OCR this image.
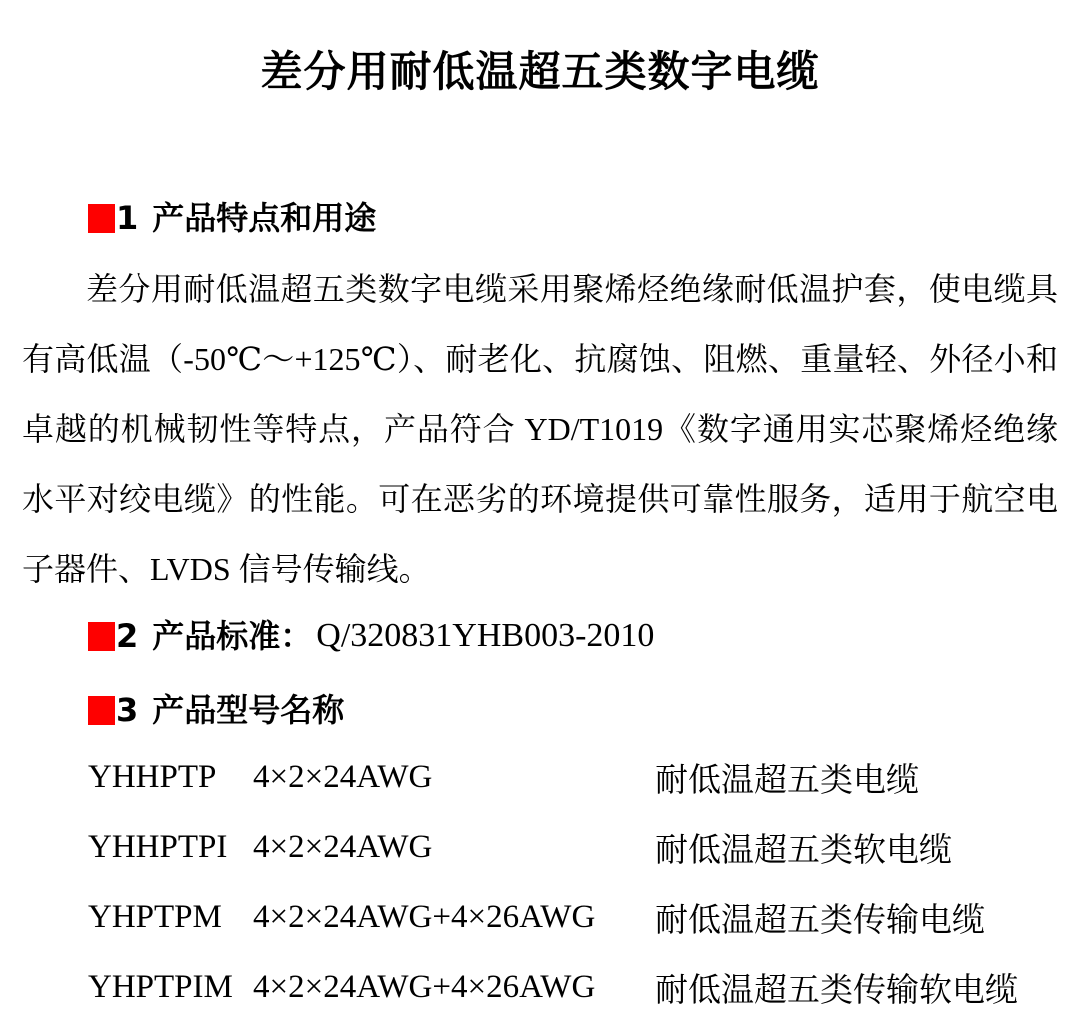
差分用耐低温超五类数字电缆
1 产品特点和用途

差分用耐低温超五类数字电缆采用聚烯烃绝缘耐低温护套，使电缆具有高低温（-50℃～+125℃）、耐老化、抗腐蚀、阻燃、重量轻、外径小和卓越的机械韧性等特点，产品符合 YD/T1019《数字通用实芯聚烯烃绝缘水平对绞电缆》的性能。可在恶劣的环境提供可靠性服务，适用于航空电子器件、LVDS 信号传输线。

2 产品标准： Q/320831YHB003-2010
3 产品型号名称
YHHPTP	4×2×24AWG	耐低温超五类电缆
YHHPTPI 4×2×24AWG	耐低温超五类软电缆
YHPTPM 4×2×24AWG+4×26AWG	耐低温超五类传输电缆
YHPTPIM 4×2×24AWG+4×26AWG	耐低温超五类传输软电缆
